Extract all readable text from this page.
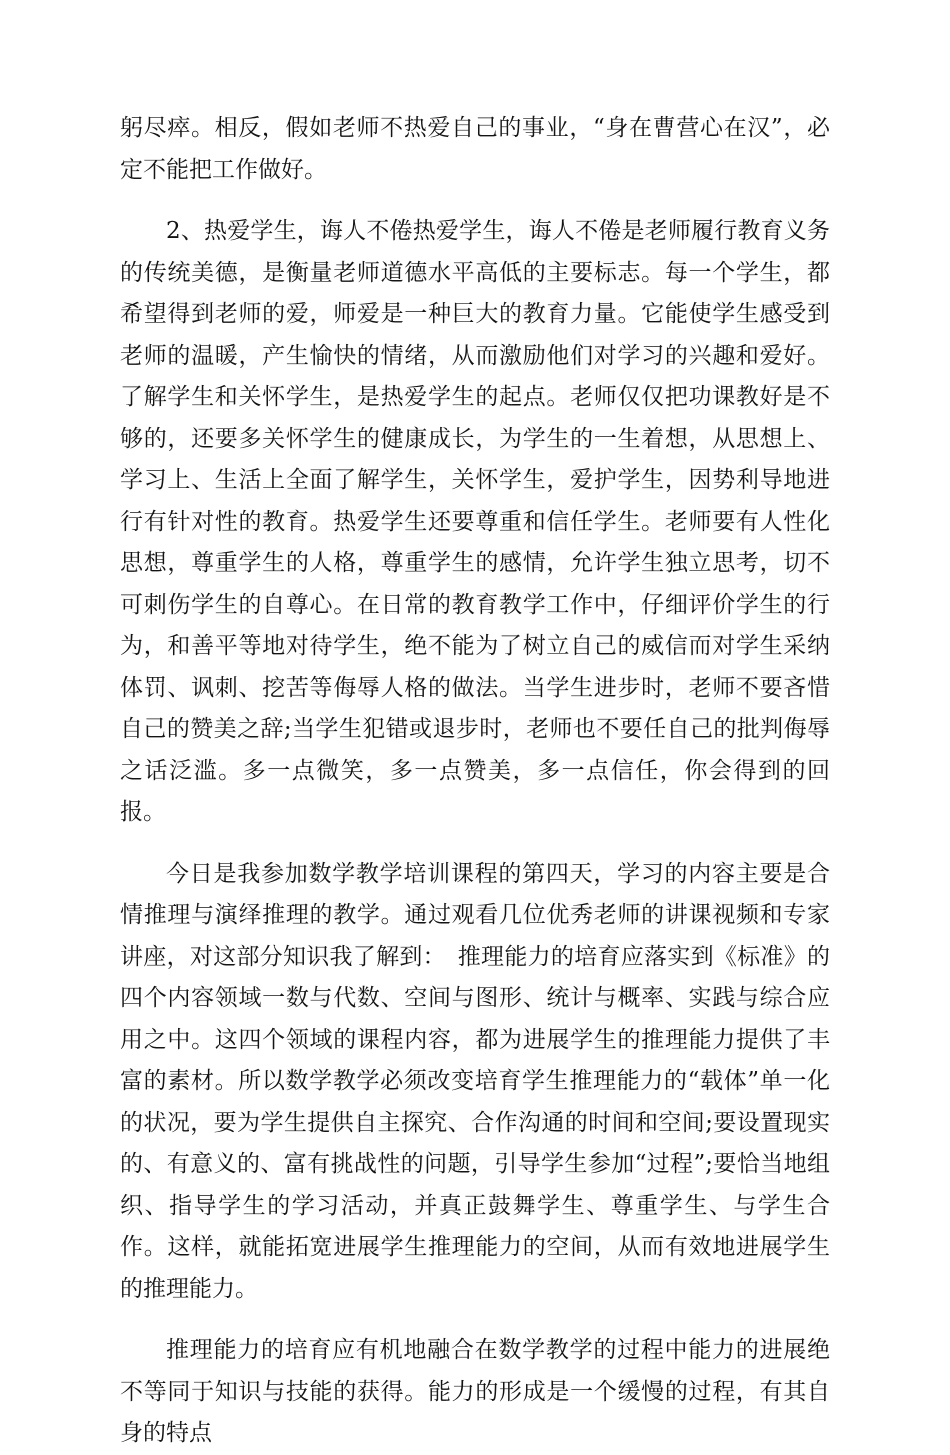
躬尽瘁。相反，假如老师不热爱自己的事业，“身在曹营心在汉”，必定不能把工作做好。

2、热爱学生，诲人不倦热爱学生，诲人不倦是老师履行教育义务的传统美德，是衡量老师道德水平高低的主要标志。每一个学生，都希望得到老师的爱，师爱是一种巨大的教育力量。它能使学生感受到老师的温暖，产生愉快的情绪，从而激励他们对学习的兴趣和爱好。了解学生和关怀学生，是热爱学生的起点。老师仅仅把功课教好是不够的，还要多关怀学生的健康成长，为学生的一生着想，从思想上、学习上、生活上全面了解学生，关怀学生，爱护学生，因势利导地进行有针对性的教育。热爱学生还要尊重和信任学生。老师要有人性化思想，尊重学生的人格，尊重学生的感情，允许学生独立思考，切不可刺伤学生的自尊心。在日常的教育教学工作中，仔细评价学生的行为，和善平等地对待学生，绝不能为了树立自己的威信而对学生采纳体罚、讽刺、挖苦等侮辱人格的做法。当学生进步时，老师不要吝惜自己的赞美之辞;当学生犯错或退步时，老师也不要任自己的批判侮辱之话泛滥。多一点微笑，多一点赞美，多一点信任，你会得到的回报。

今日是我参加数学教学培训课程的第四天，学习的内容主要是合情推理与演绎推理的教学。通过观看几位优秀老师的讲课视频和专家讲座，对这部分知识我了解到：　推理能力的培育应落实到《标准》的四个内容领域一数与代数、空间与图形、统计与概率、实践与综合应用之中。这四个领域的课程内容，都为进展学生的推理能力提供了丰富的素材。所以数学教学必须改变培育学生推理能力的“载体”单一化的状况，要为学生提供自主探究、合作沟通的时间和空间;要设置现实的、有意义的、富有挑战性的问题，引导学生参加“过程”;要恰当地组织、指导学生的学习活动，并真正鼓舞学生、尊重学生、与学生合作。这样，就能拓宽进展学生推理能力的空间，从而有效地进展学生的推理能力。

推理能力的培育应有机地融合在数学教学的过程中能力的进展绝不等同于知识与技能的获得。能力的形成是一个缓慢的过程，有其自身的特点
